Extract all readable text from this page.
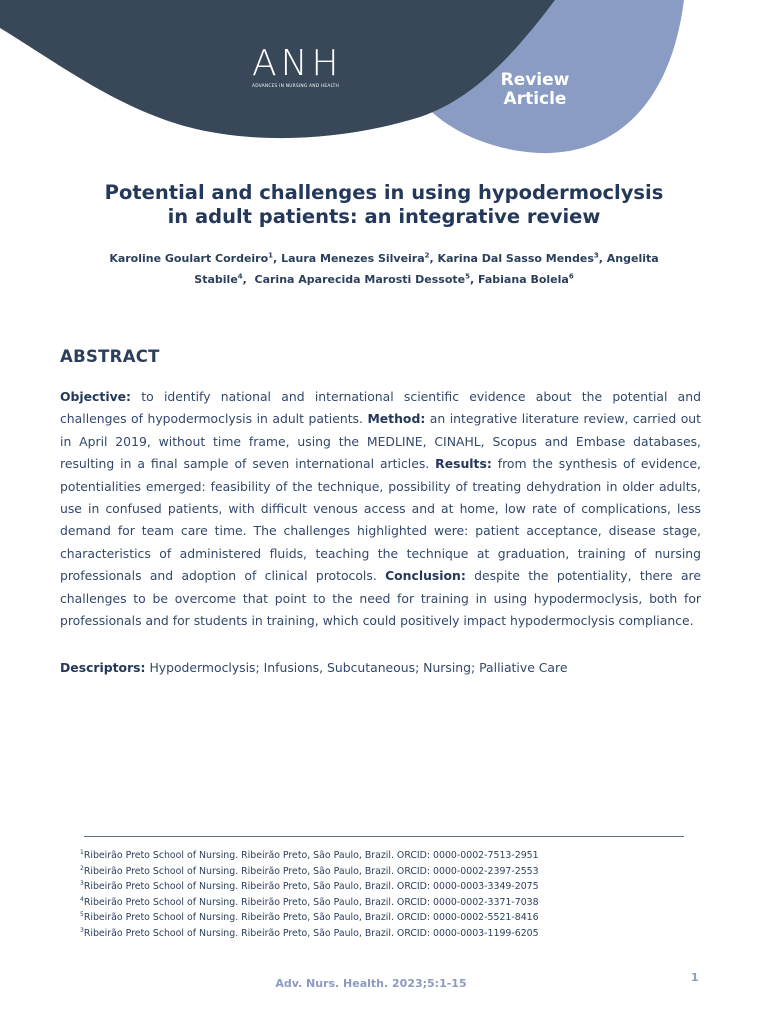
ANH
ADVANCES IN NURSING AND HEALTH	Review
Article
Potential and challenges in using hypodermoclysis
in adult patients: an integrative review
Karoline Goulart Cordeiro$^1$, Laura Menezes Silveira$^2$, Karina Dal Sasso Mendes$^3$, Angelita Stabile$^4$,  Carina Aparecida Marosti Dessote$^5$, Fabiana Bolela$^6$
ABSTRACT
Objective: to identify national and international scientific evidence about the potential and challenges of hypodermoclysis in adult patients. Method: an integrative literature review, carried out in April 2019, without time frame, using the MEDLINE, CINAHL, Scopus and Embase databases, resulting in a final sample of seven international articles. Results: from the synthesis of evidence, potentialities emerged: feasibility of the technique, possibility of treating dehydration in older adults, use in confused patients, with difficult venous access and at home, low rate of complications, less demand for team care time. The challenges highlighted were: patient acceptance, disease stage, characteristics of administered fluids, teaching the technique at graduation, training of nursing professionals and adoption of clinical protocols. Conclusion: despite the potentiality, there are challenges to be overcome that point to the need for training in using hypodermoclysis, both for professionals and for students in training, which could positively impact hypodermoclysis compliance.
Descriptors: Hypodermoclysis; Infusions, Subcutaneous; Nursing; Palliative Care
$^1$Ribeirão Preto School of Nursing. Ribeirão Preto, São Paulo, Brazil. ORCID: 0000-0002-7513-2951
$^2$Ribeirão Preto School of Nursing. Ribeirão Preto, São Paulo, Brazil. ORCID: 0000-0002-2397-2553
$^3$Ribeirão Preto School of Nursing. Ribeirão Preto, São Paulo, Brazil. ORCID: 0000-0003-3349-2075
$^4$Ribeirão Preto School of Nursing. Ribeirão Preto, São Paulo, Brazil. ORCID: 0000-0002-3371-7038
$^5$Ribeirão Preto School of Nursing. Ribeirão Preto, São Paulo, Brazil. ORCID: 0000-0002-5521-8416
$^3$Ribeirão Preto School of Nursing. Ribeirão Preto, São Paulo, Brazil. ORCID: 0000-0003-1199-6205
Adv. Nurs. Health. 2023;5:1-15	1
